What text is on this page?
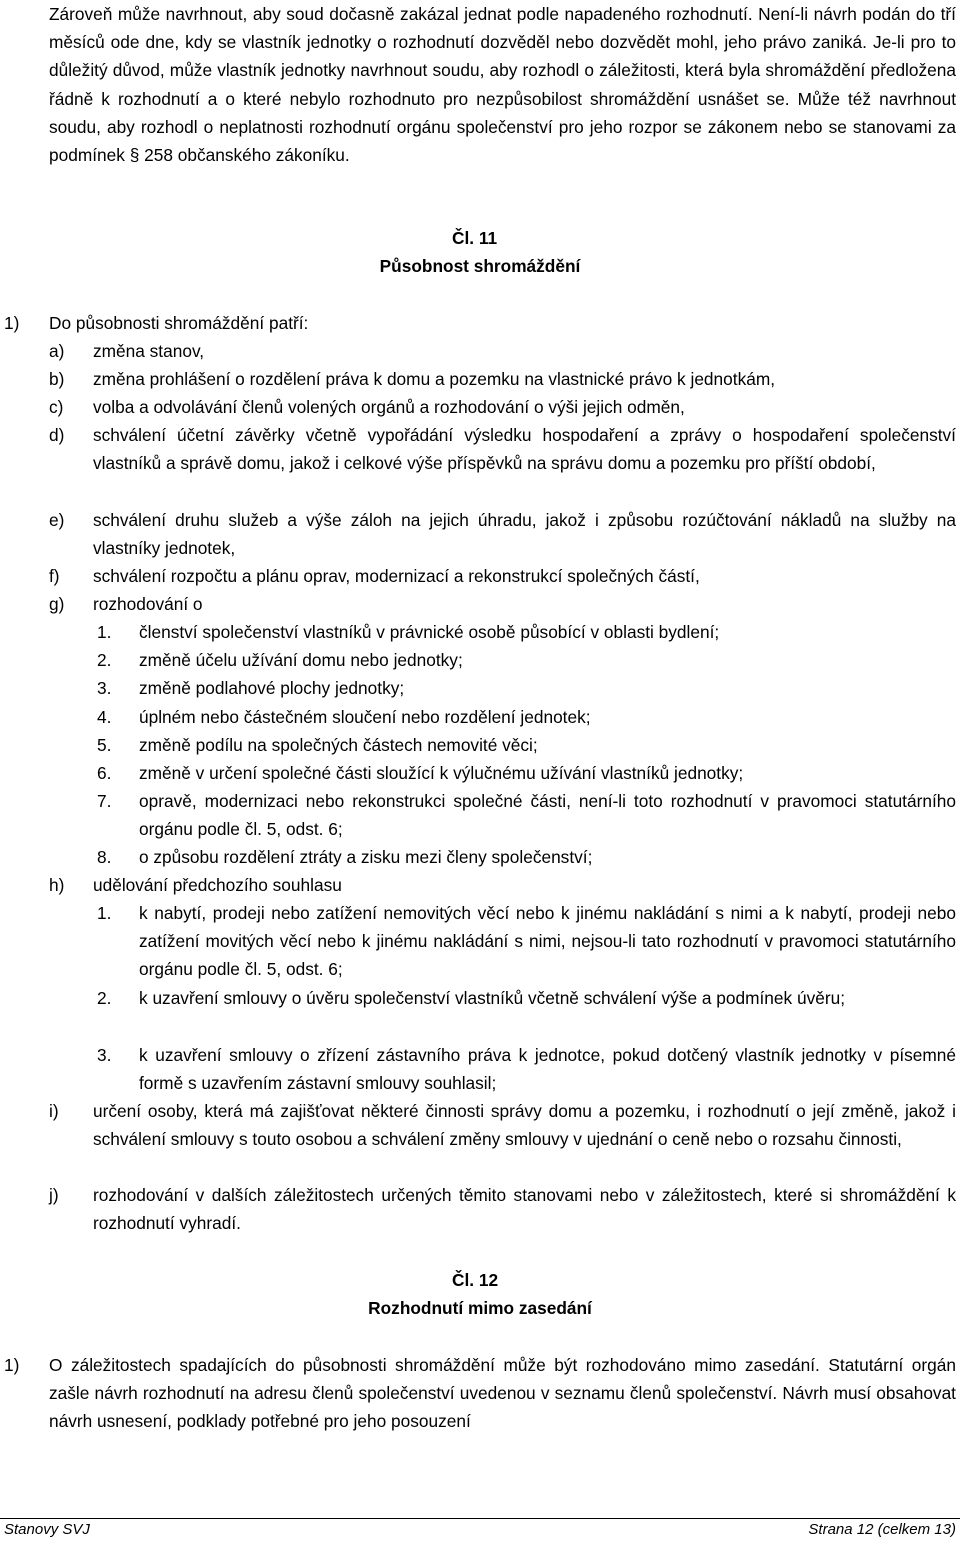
Zároveň může navrhnout, aby soud dočasně zakázal jednat podle napadeného rozhodnutí. Není-li návrh podán do tří měsíců ode dne, kdy se vlastník jednotky o rozhodnutí dozvěděl nebo dozvědět mohl, jeho právo zaniká. Je-li pro to důležitý důvod, může vlastník jednotky navrhnout soudu, aby rozhodl o záležitosti, která byla shromáždění předložena řádně k rozhodnutí a o které nebylo rozhodnuto pro nezpůsobilost shromáždění usnášet se. Může též navrhnout soudu, aby rozhodl o neplatnosti rozhodnutí orgánu společenství pro jeho rozpor se zákonem nebo se stanovami za podmínek § 258 občanského zákoníku.

Čl. 11
Působnost shromáždění
1) Do působnosti shromáždění patří:
a) změna stanov,
b) změna prohlášení o rozdělení práva k domu a pozemku na vlastnické právo k jednotkám,
c) volba a odvolávání členů volených orgánů a rozhodování o výši jejich odměn,
d) schválení účetní závěrky včetně vypořádání výsledku hospodaření a zprávy o hospodaření společenství vlastníků a správě domu, jakož i celkové výše příspěvků na správu domu a pozemku pro příští období,
e) schválení druhu služeb a výše záloh na jejich úhradu, jakož i způsobu rozúčtování nákladů na služby na vlastníky jednotek,
f) schválení rozpočtu a plánu oprav, modernizací a rekonstrukcí společných částí,
g) rozhodování o
1. členství společenství vlastníků v právnické osobě působící v oblasti bydlení;
2. změně účelu užívání domu nebo jednotky;
3. změně podlahové plochy jednotky;
4. úplném nebo částečném sloučení nebo rozdělení jednotek;
5. změně podílu na společných částech nemovité věci;
6. změně v určení společné části sloužící k výlučnému užívání vlastníků jednotky;
7. opravě, modernizaci nebo rekonstrukci společné části, není-li toto rozhodnutí v pravomoci statutárního orgánu podle čl. 5, odst. 6;
8. o způsobu rozdělení ztráty a zisku mezi členy společenství;
h) udělování předchozího souhlasu
1. k nabytí, prodeji nebo zatížení nemovitých věcí nebo k jinému nakládání s nimi a k nabytí, prodeji nebo zatížení movitých věcí nebo k jinému nakládání s nimi, nejsou-li tato rozhodnutí v pravomoci statutárního orgánu podle čl. 5, odst. 6;
2. k uzavření smlouvy o úvěru společenství vlastníků včetně schválení výše a podmínek úvěru;
3. k uzavření smlouvy o zřízení zástavního práva k jednotce, pokud dotčený vlastník jednotky v písemné formě s uzavřením zástavní smlouvy souhlasil;
i) určení osoby, která má zajišťovat některé činnosti správy domu a pozemku, i rozhodnutí o její změně, jakož i schválení smlouvy s touto osobou a schválení změny smlouvy v ujednání o ceně nebo o rozsahu činnosti,
j) rozhodování v dalších záležitostech určených těmito stanovami nebo v záležitostech, které si shromáždění k rozhodnutí vyhradí.
Čl. 12
Rozhodnutí mimo zasedání
1) O záležitostech spadajících do působnosti shromáždění může být rozhodováno mimo zasedání. Statutární orgán zašle návrh rozhodnutí na adresu členů společenství uvedenou v seznamu členů společenství. Návrh musí obsahovat návrh usnesení, podklady potřebné pro jeho posouzení
Stanovy SVJ	Strana 12 (celkem 13)
